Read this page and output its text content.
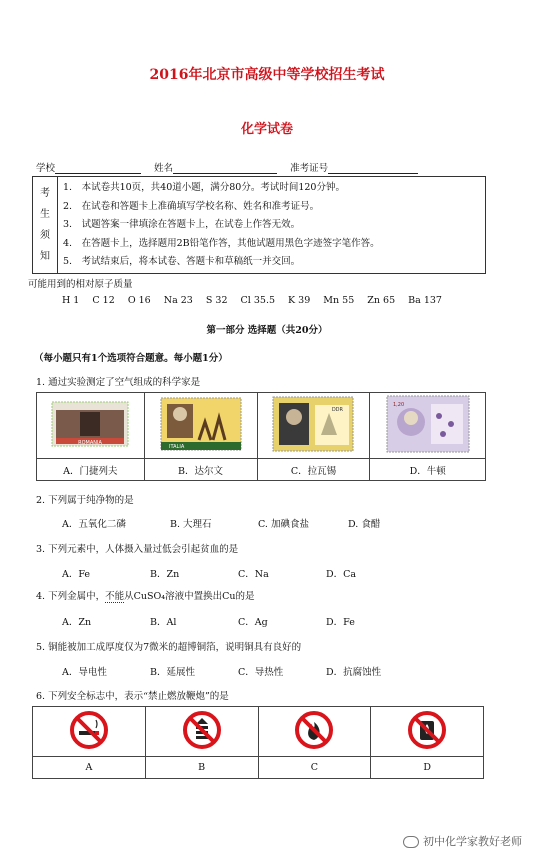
2016年北京市高级中等学校招生考试
化学试卷
学校	姓名	准考证号
考
生
须
知
1.　本试卷共10页，共40道小题，满分80分。考试时间120分钟。
2.　在试卷和答题卡上准确填写学校名称、姓名和准考证号。
3.　试题答案一律填涂在答题卡上，在试卷上作答无效。
4.　在答题卡上，选择题用2B铅笔作答，其他试题用黑色字迹签字笔作答。
5.　考试结束后，将本试卷、答题卡和草稿纸一并交回。
可能用到的相对原子质量
H 1 C 12 O 16 Na 23 S 32 Cl 35.5 K 39 Mn 55 Zn 65 Ba 137
第一部分 选择题（共20分）
（每小题只有1个选项符合题意。每小题1分）
1. 通过实验测定了空气组成的科学家是
ROMANIA	ITALIA	DDR	1,20

A．门捷列夫	B．达尔文	C．拉瓦锡	D．牛顿
2. 下列属于纯净物的是
A．五氧化二磷	B. 大理石	C. 加碘食盐	D. 食醋
3. 下列元素中，人体摄入量过低会引起贫血的是
A．Fe	B．Zn	C．Na	D．Ca
4. 下列金属中，不能从CuSO₄溶液中置换出Cu的是
A．Zn	B．Al	C．Ag	D．Fe
5. 铜能被加工成厚度仅为7微米的超博铜箔，说明铜具有良好的
A．导电性	B．延展性	C．导热性	D．抗腐蚀性
6. 下列安全标志中，表示“禁止燃放鞭炮”的是

A	B	C	D
初中化学家教好老师
